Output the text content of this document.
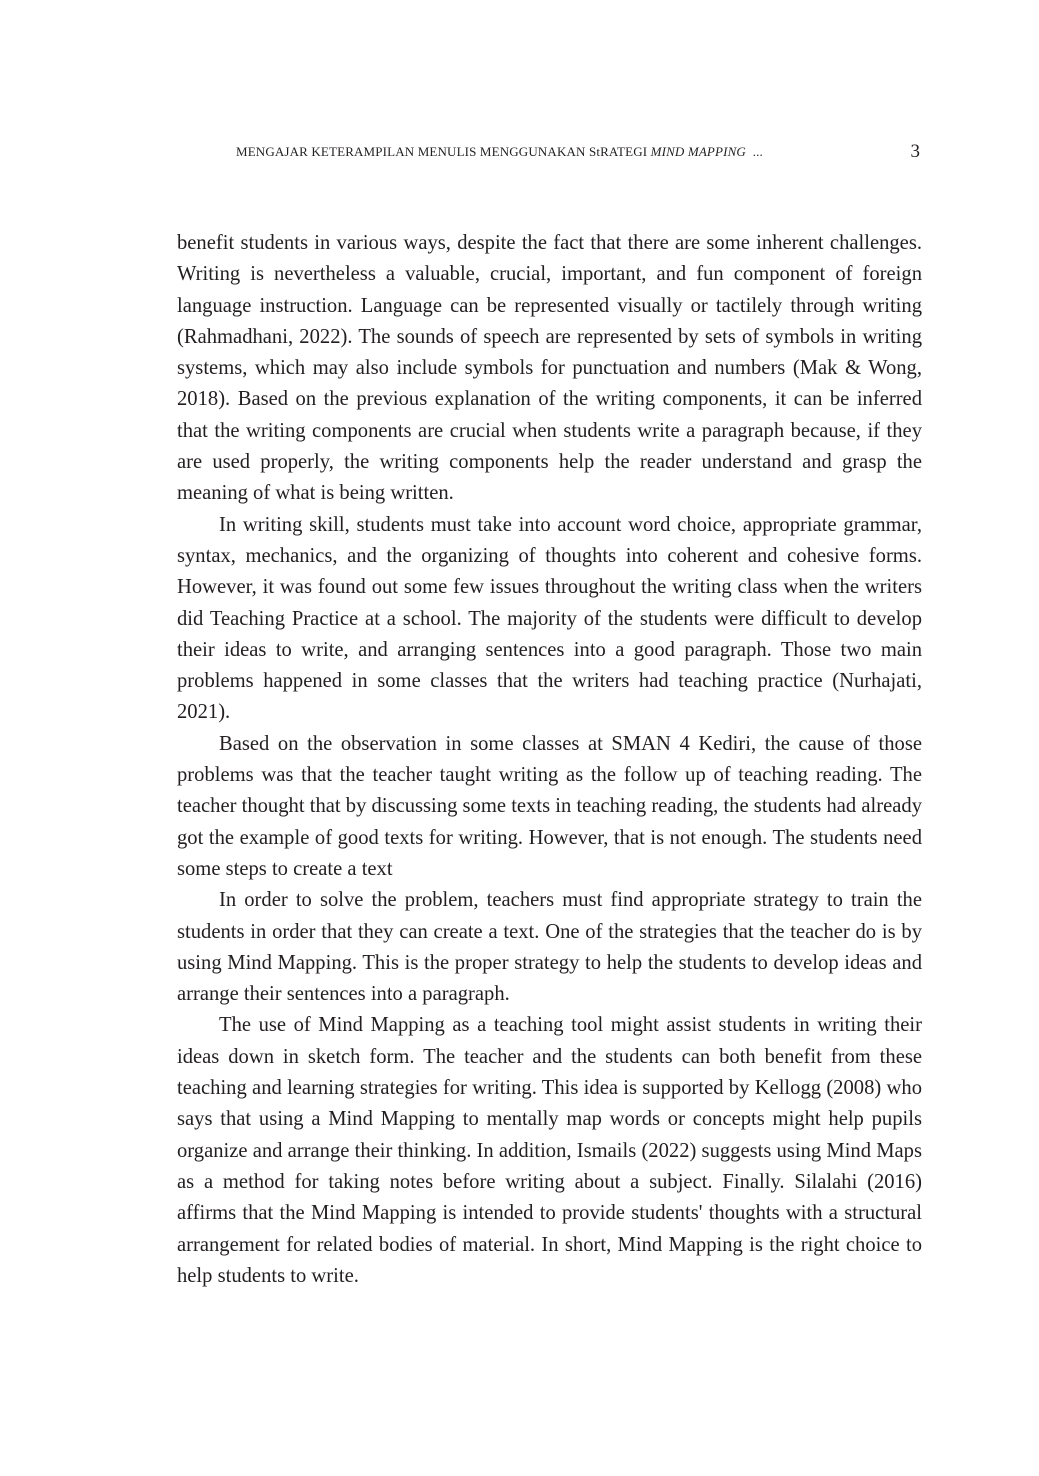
MENGAJAR KETERAMPILAN MENULIS MENGGUNAKAN StRATEGI MIND MAPPING  ...	3

benefit students in various ways, despite the fact that there are some inherent challenges. Writing is nevertheless a valuable, crucial, important, and fun component of foreign language instruction. Language can be represented visually or tactilely through writing (Rahmadhani, 2022). The sounds of speech are represented by sets of symbols in writing systems, which may also include symbols for punctuation and numbers (Mak & Wong, 2018). Based on the previous explanation of the writing components, it can be inferred that the writing components are crucial when students write a paragraph because, if they are used properly, the writing components help the reader understand and grasp the meaning of what is being written.

In writing skill, students must take into account word choice, appropriate grammar, syntax, mechanics, and the organizing of thoughts into coherent and cohesive forms. However, it was found out some few issues throughout the writing class when the writers did Teaching Practice at a school. The majority of the students were difficult to develop their ideas to write, and arranging sentences into a good paragraph. Those two main problems happened in some classes that the writers had teaching practice (Nurhajati, 2021).

Based on the observation in some classes at SMAN 4 Kediri, the cause of those problems was that the teacher taught writing as the follow up of teaching reading. The teacher thought that by discussing some texts in teaching reading, the students had already got the example of good texts for writing. However, that is not enough. The students need some steps to create a text

In order to solve the problem, teachers must find appropriate strategy to train the students in order that they can create a text. One of the strategies that the teacher do is by using Mind Mapping. This is the proper strategy to help the students to develop ideas and arrange their sentences into a paragraph.

The use of Mind Mapping as a teaching tool might assist students in writing their ideas down in sketch form. The teacher and the students can both benefit from these teaching and learning strategies for writing. This idea is supported by Kellogg (2008) who says that using a Mind Mapping to mentally map words or concepts might help pupils organize and arrange their thinking. In addition, Ismails (2022) suggests using Mind Maps as a method for taking notes before writing about a subject. Finally. Silalahi (2016) affirms that the Mind Mapping is intended to provide students' thoughts with a structural arrangement for related bodies of material. In short, Mind Mapping is the right choice to help students to write.
